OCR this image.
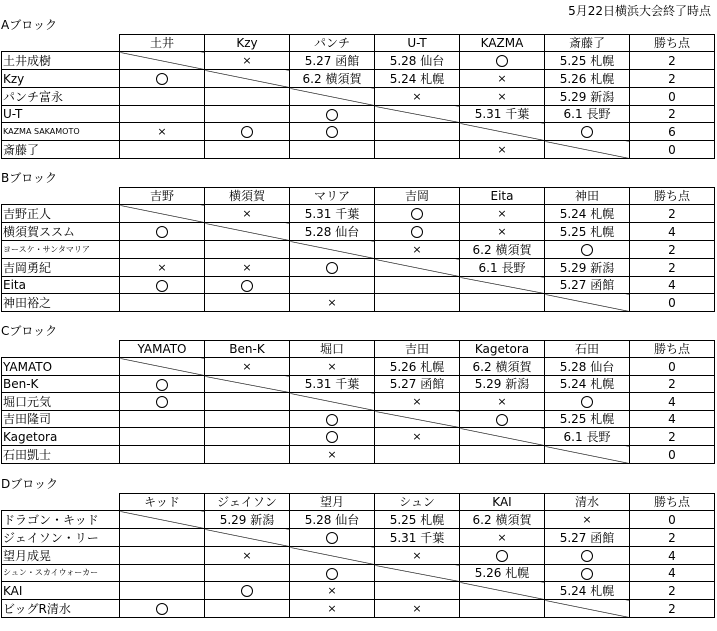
5月22日横浜大会終了時点
Aブロック
	土井	Kzy	パンチ	U-T	KAZMA	斎藤了	勝ち点
土井成樹		×	5.27 函館	5.28 仙台		5.25 札幌	2
Kzy			6.2 横須賀	5.24 札幌	×	5.26 札幌	2
パンチ富永				×	×	5.29 新潟	0
U-T					5.31 千葉	6.1 長野	2
KAZMA SAKAMOTO	×						6
斎藤了					×		0
Bブロック
	吉野	横須賀	マリア	吉岡	Eita	神田	勝ち点
吉野正人		×	5.31 千葉		×	5.24 札幌	2
横須賀ススム			5.28 仙台		×	5.25 札幌	4
ヨースケ・サンタマリア				×	6.2 横須賀		2
吉岡勇紀	×	×			6.1 長野	5.29 新潟	2
Eita						5.27 函館	4
神田裕之			×				0
Cブロック
	YAMATO	Ben-K	堀口	吉田	Kagetora	石田	勝ち点
YAMATO		×	×	5.26 札幌	6.2 横須賀	5.28 仙台	0
Ben-K			5.31 千葉	5.27 函館	5.29 新潟	5.24 札幌	2
堀口元気				×	×		4
吉田隆司						5.25 札幌	4
Kagetora				×		6.1 長野	2
石田凱士			×				0
Dブロック
	キッド	ジェイソン	望月	シュン	KAI	清水	勝ち点
ドラゴン・キッド		5.29 新潟	5.28 仙台	5.25 札幌	6.2 横須賀	×	0
ジェイソン・リー				5.31 千葉	×	5.27 函館	2
望月成晃		×		×			4
シュン・スカイウォーカー					5.26 札幌		4
KAI			×			5.24 札幌	2
ビッグR清水			×	×			2
